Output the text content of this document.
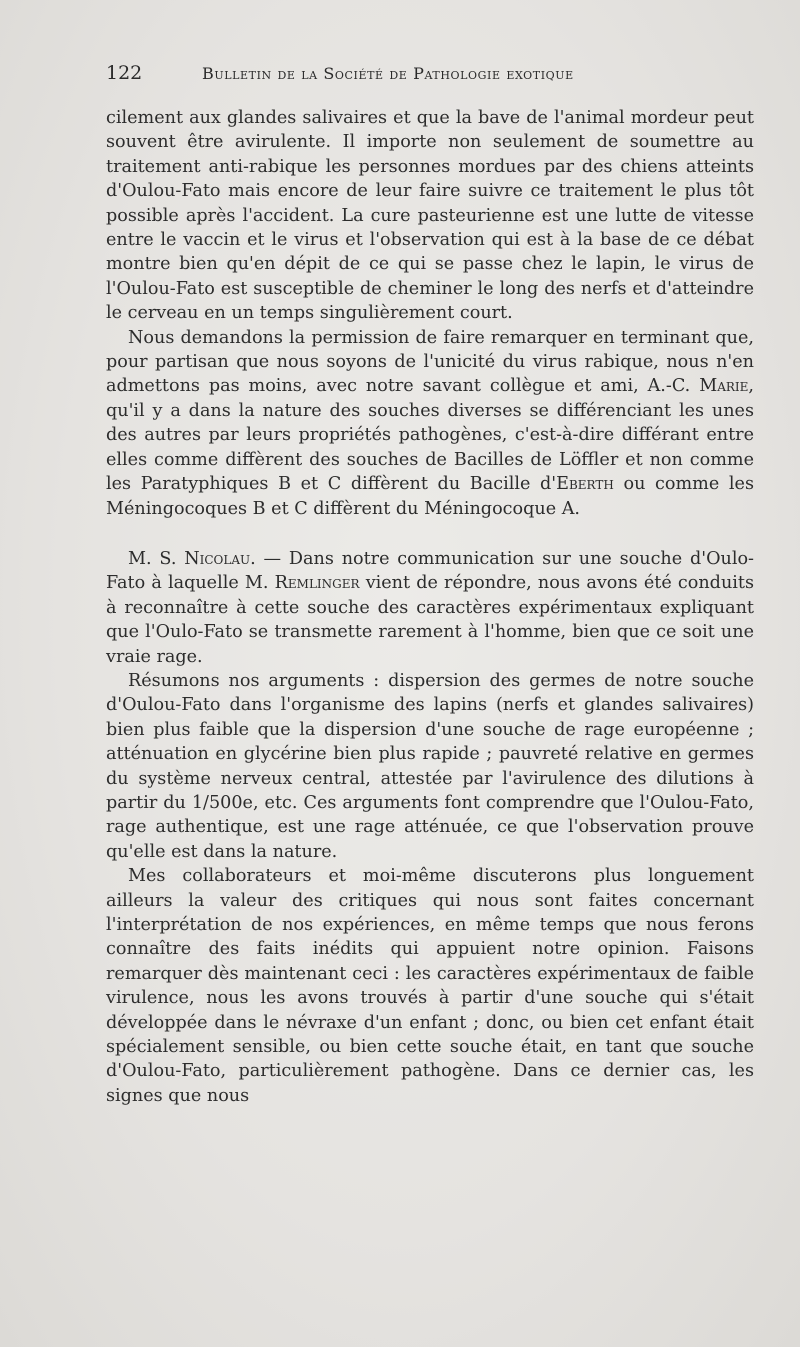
122	Bulletin de la Société de Pathologie exotique

cilement aux glandes salivaires et que la bave de l'animal mordeur peut souvent être avirulente. Il importe non seulement de soumettre au traitement anti-rabique les personnes mordues par des chiens atteints d'Oulou-Fato mais encore de leur faire suivre ce traitement le plus tôt possible après l'accident. La cure pasteurienne est une lutte de vitesse entre le vaccin et le virus et l'observation qui est à la base de ce débat montre bien qu'en dépit de ce qui se passe chez le lapin, le virus de l'Oulou-Fato est susceptible de cheminer le long des nerfs et d'atteindre le cerveau en un temps singulièrement court.

Nous demandons la permission de faire remarquer en terminant que, pour partisan que nous soyons de l'unicité du virus rabique, nous n'en admettons pas moins, avec notre savant collègue et ami, A.-C. Marie, qu'il y a dans la nature des souches diverses se différenciant les unes des autres par leurs propriétés pathogènes, c'est-à-dire différant entre elles comme diffèrent des souches de Bacilles de Löffler et non comme les Paratyphiques B et C diffèrent du Bacille d'Eberth ou comme les Méningocoques B et C diffèrent du Méningocoque A.

M. S. Nicolau. — Dans notre communication sur une souche d'Oulo-Fato à laquelle M. Remlinger vient de répondre, nous avons été conduits à reconnaître à cette souche des caractères expérimentaux expliquant que l'Oulo-Fato se transmette rarement à l'homme, bien que ce soit une vraie rage.

Résumons nos arguments : dispersion des germes de notre souche d'Oulou-Fato dans l'organisme des lapins (nerfs et glandes salivaires) bien plus faible que la dispersion d'une souche de rage européenne ; atténuation en glycérine bien plus rapide ; pauvreté relative en germes du système nerveux central, attestée par l'avirulence des dilutions à partir du 1/500e, etc. Ces arguments font comprendre que l'Oulou-Fato, rage authentique, est une rage atténuée, ce que l'observation prouve qu'elle est dans la nature.

Mes collaborateurs et moi-même discuterons plus longuement ailleurs la valeur des critiques qui nous sont faites concernant l'interprétation de nos expériences, en même temps que nous ferons connaître des faits inédits qui appuient notre opinion. Faisons remarquer dès maintenant ceci : les caractères expérimentaux de faible virulence, nous les avons trouvés à partir d'une souche qui s'était développée dans le névraxe d'un enfant ; donc, ou bien cet enfant était spécialement sensible, ou bien cette souche était, en tant que souche d'Oulou-Fato, particulièrement pathogène. Dans ce dernier cas, les signes que nous
